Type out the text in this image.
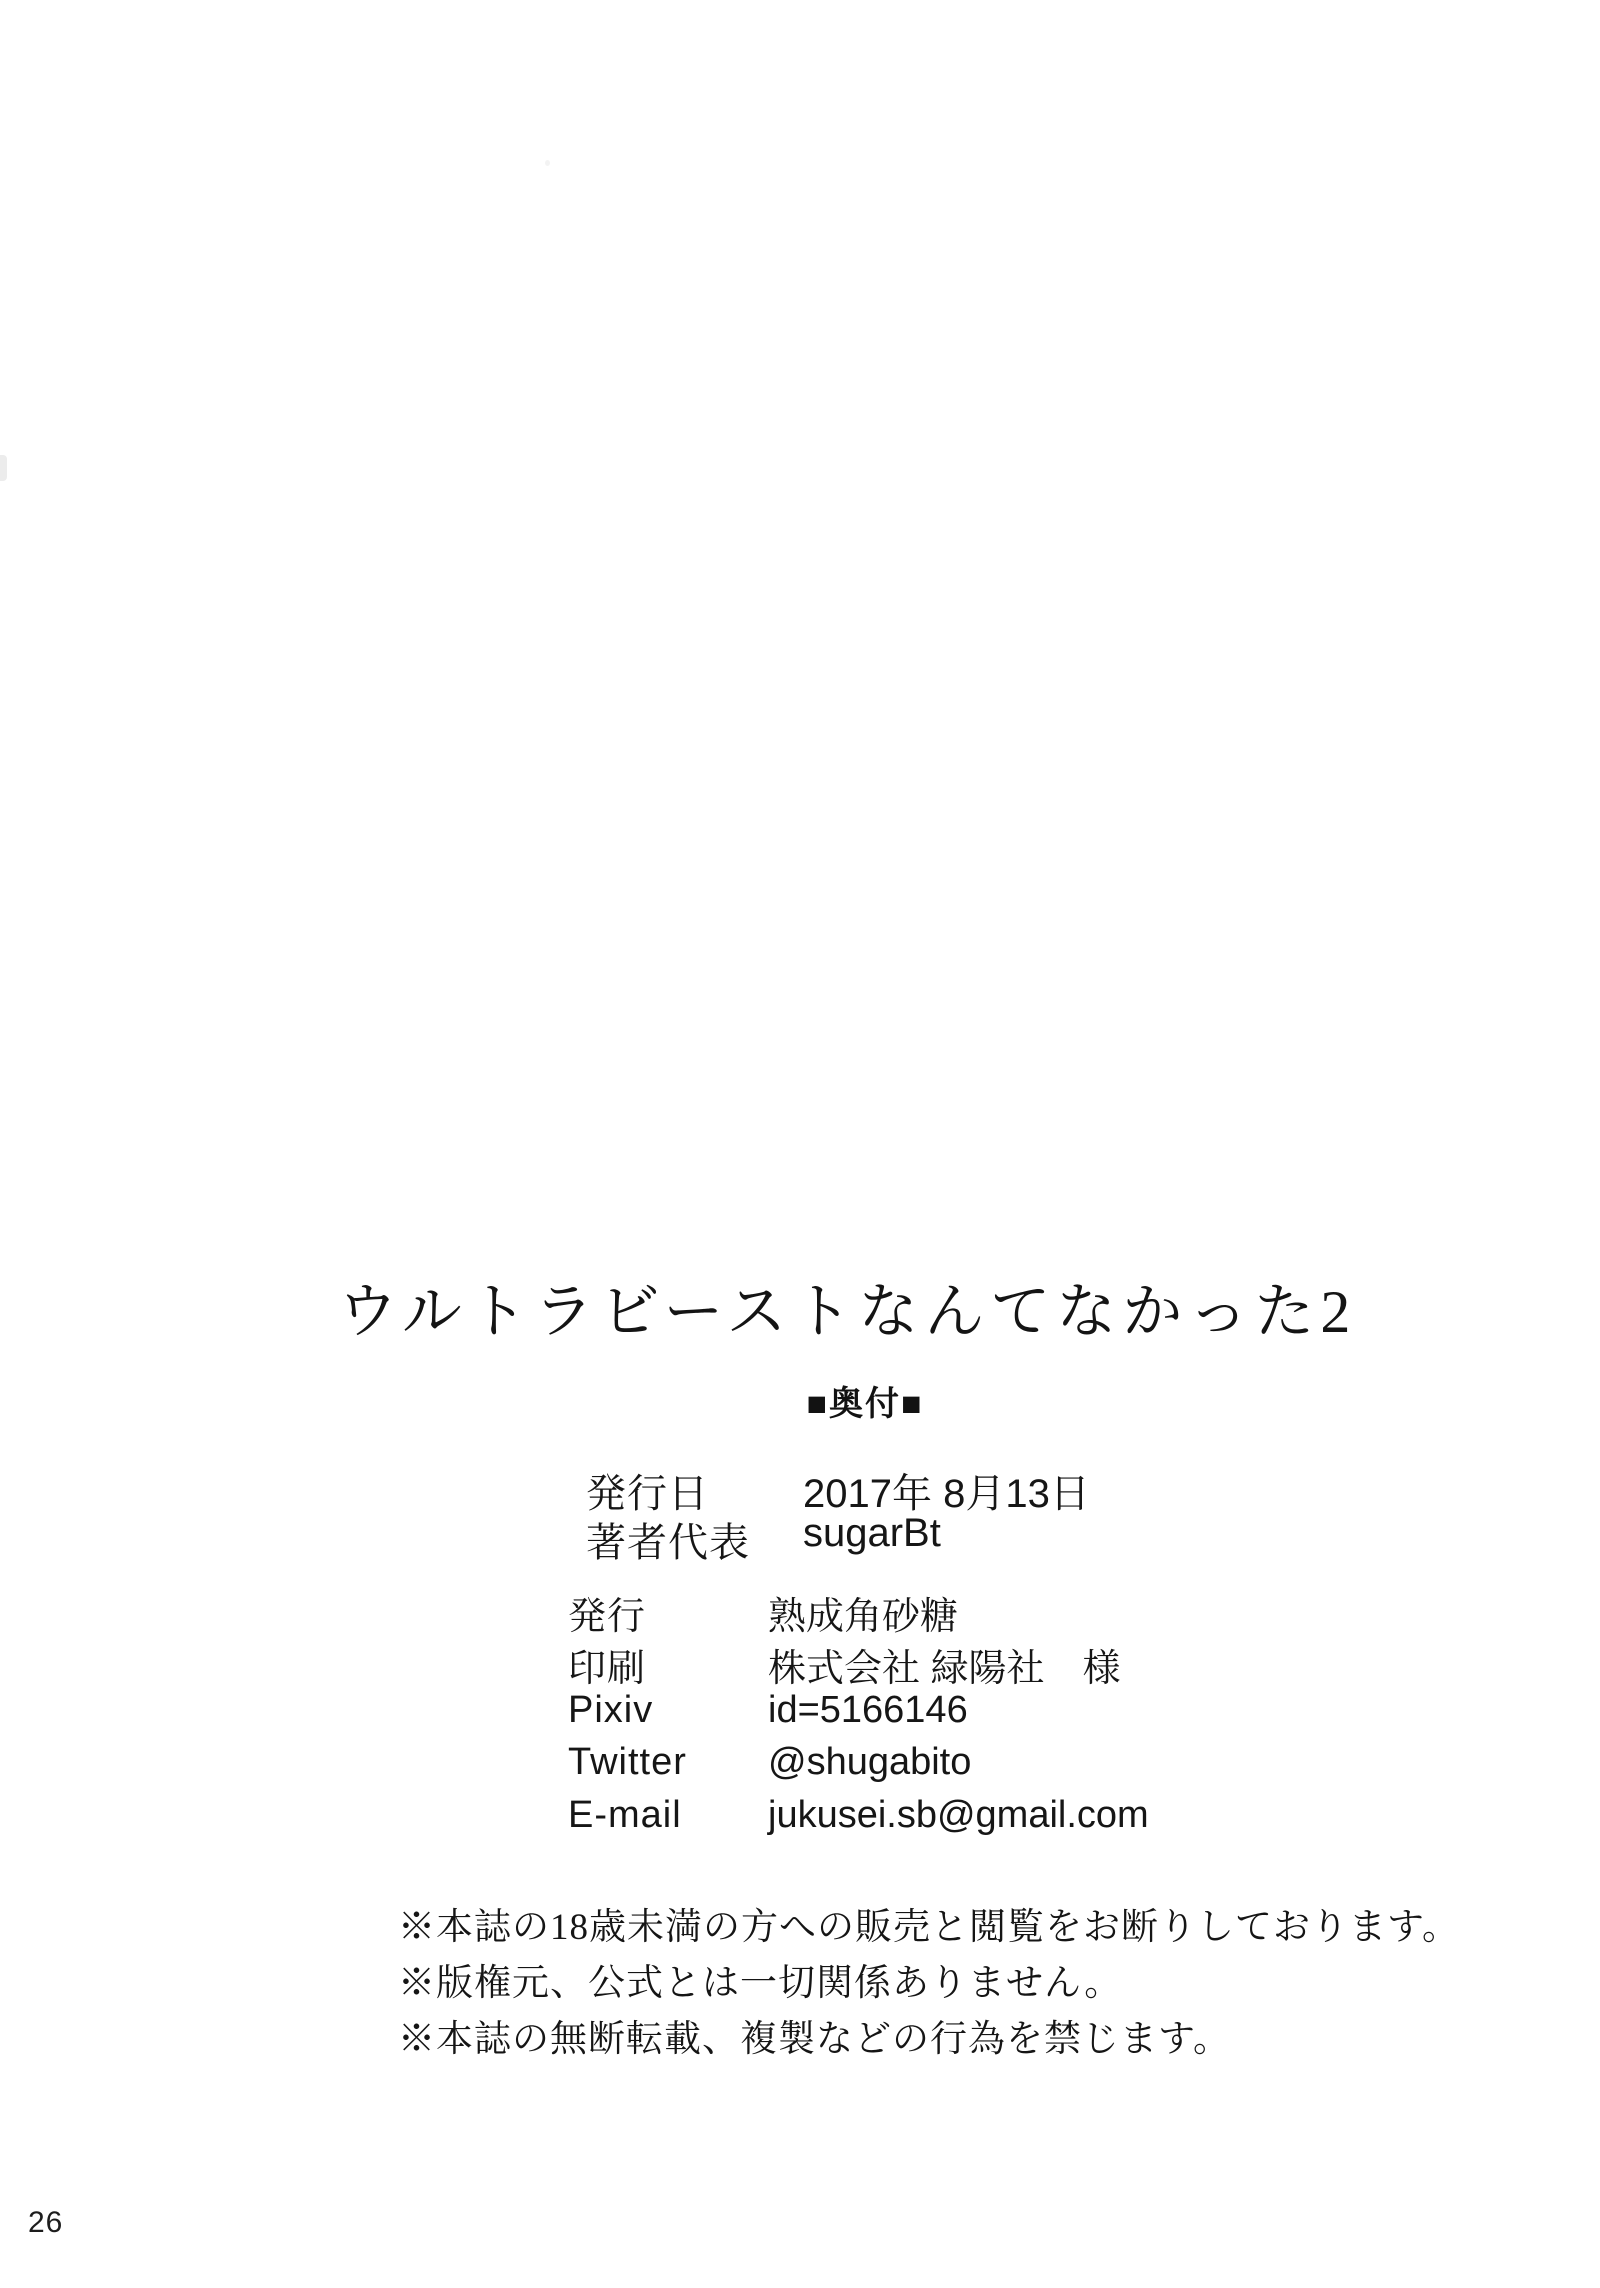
ウルトラビーストなんてなかった2
■奥付■
発行日 2017年 8月13日
著者代表 sugarBt
発行	熟成角砂糖
印刷	株式会社 緑陽社　様
Pixiv	id=5166146
Twitter @shugabito
E-mail jukusei.sb@gmail.com
※本誌の18歳未満の方への販売と閲覧をお断りしております。
※版権元、公式とは一切関係ありません。
※本誌の無断転載、複製などの行為を禁じます。
26
